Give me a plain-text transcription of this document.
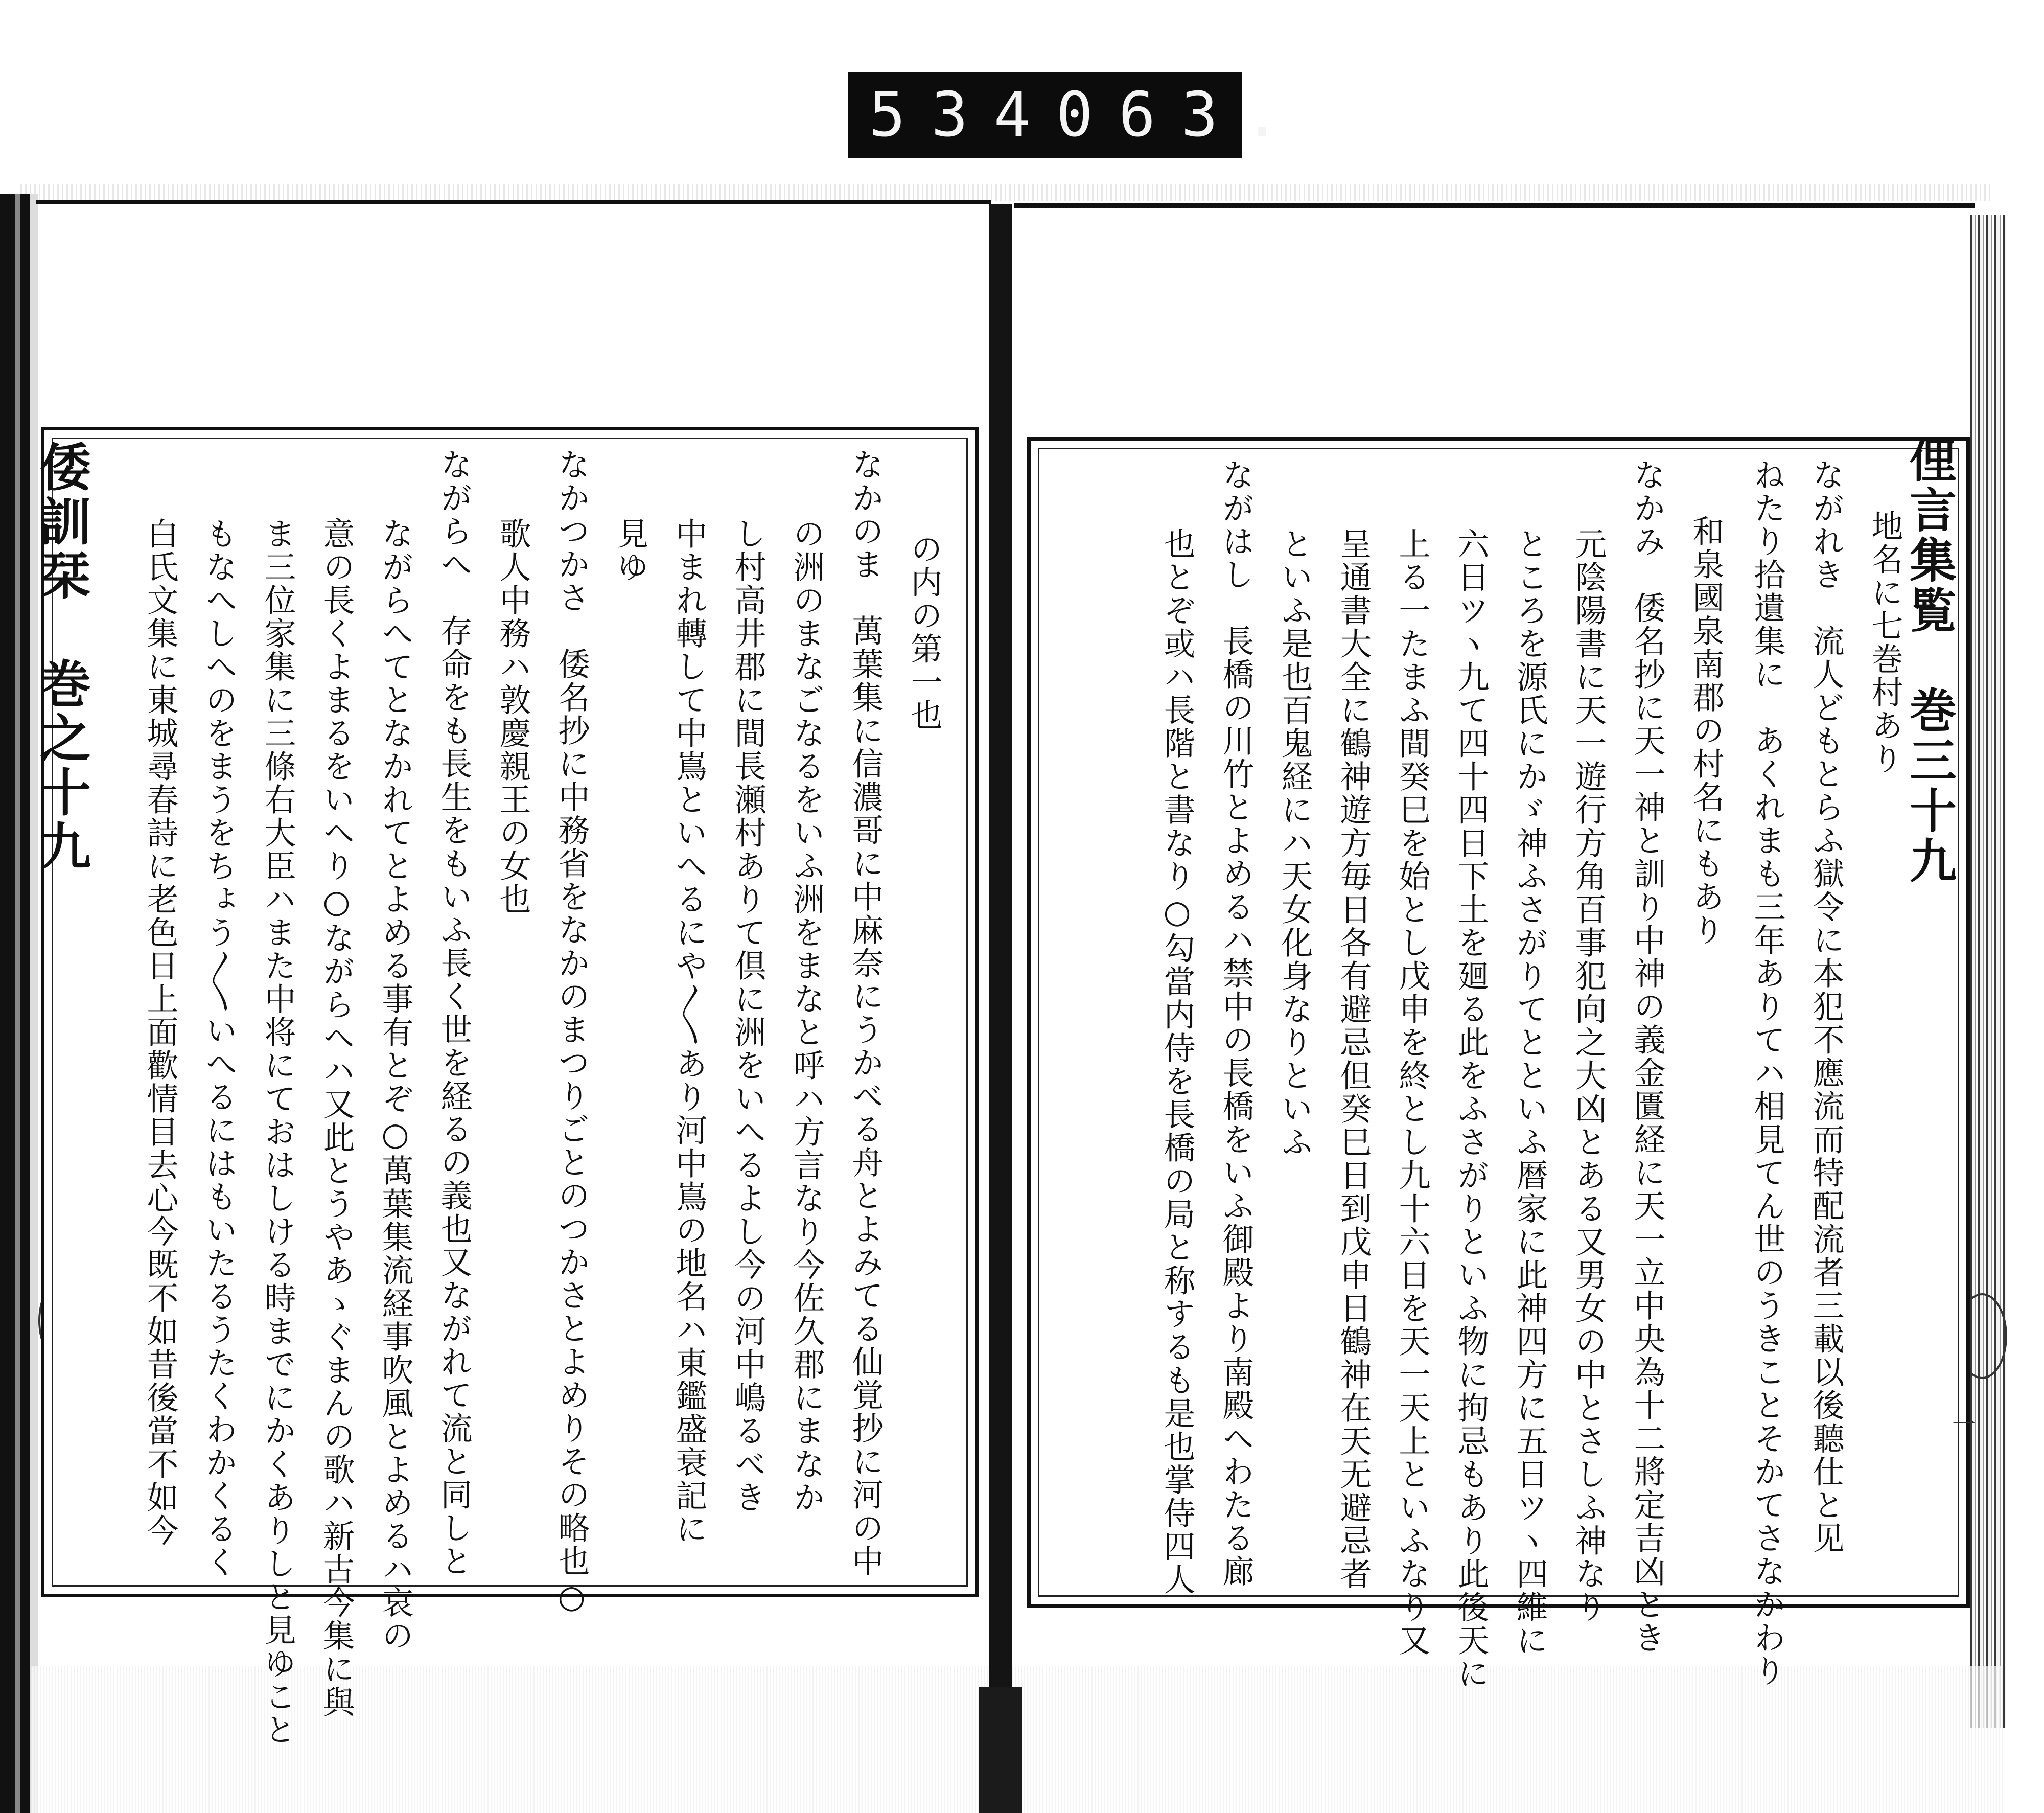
534 063.
俚言集覧　巻三十九
一
地名に七巻村あり
ながれき　流人どもとらふ獄令に本犯不應流而特配流者三載以後聽仕と见
ねたり拾遺集に　あくれまも三年ありてハ相見てん世のうきことそかてさなかわり
和泉國泉南郡の村名にもあり
なかみ　倭名抄に天一神と訓り中神の義金匱経に天一立中央為十二將定吉凶とき
元陰陽書に天一遊行方角百事犯向之大凶とある又男女の中とさしふ神なり
ところを源氏にかゞ神ふさがりてとといふ暦家に此神四方に五日ツヽ四維に
六日ツヽ九て四十四日下土を廻る此をふさがりといふ物に拘忌もあり此後天に
上る一たまふ間癸巳を始とし戊申を終とし九十六日を天一天上といふなり又
呈通書大全に鶴神遊方毎日各有避忌但癸巳日到戊申日鶴神在天无避忌者
といふ是也百鬼経にハ天女化身なりといふ
ながはし　長橋の川竹とよめるハ禁中の長橋をいふ御殿より南殿へわたる廊
也とぞ或ハ長階と書なり○勾當内侍を長橋の局と称するも是也掌侍四人
倭訓栞　巻之十九	の内の第一也
なかのま　萬葉集に信濃哥に中麻奈にうかべる舟とよみてる仙覚抄に河の中
の洲のまなごなるをいふ洲をまなと呼ハ方言なり今佐久郡にまなか
し村高井郡に間長瀬村ありて倶に洲をいへるよし今の河中嶋るべき
中まれ轉して中嶌といへるにや〳〵あり河中嶌の地名ハ東鑑盛衰記に
見ゆ
なかつかさ　倭名抄に中務省をなかのまつりごとのつかさとよめりその略也○
歌人中務ハ敦慶親王の女也
ながらへ　存命をも長生をもいふ長く世を経るの義也又ながれて流と同しと
ながらへてとなかれてとよめる事有とぞ○萬葉集流経事吹風とよめるハ哀の
意の長くよまるをいへり○ながらへハ又此とうやあゝぐまんの歌ハ新古今集に與
ま三位家集に三條右大臣ハまた中将にておはしける時までにかくありしと見ゆこと
もなへしへのをまうをちょう〳〵いへるにはもいたるうたくわかくるく
白氏文集に東城尋春詩に老色日上面歡情目去心今既不如昔後當不如今
